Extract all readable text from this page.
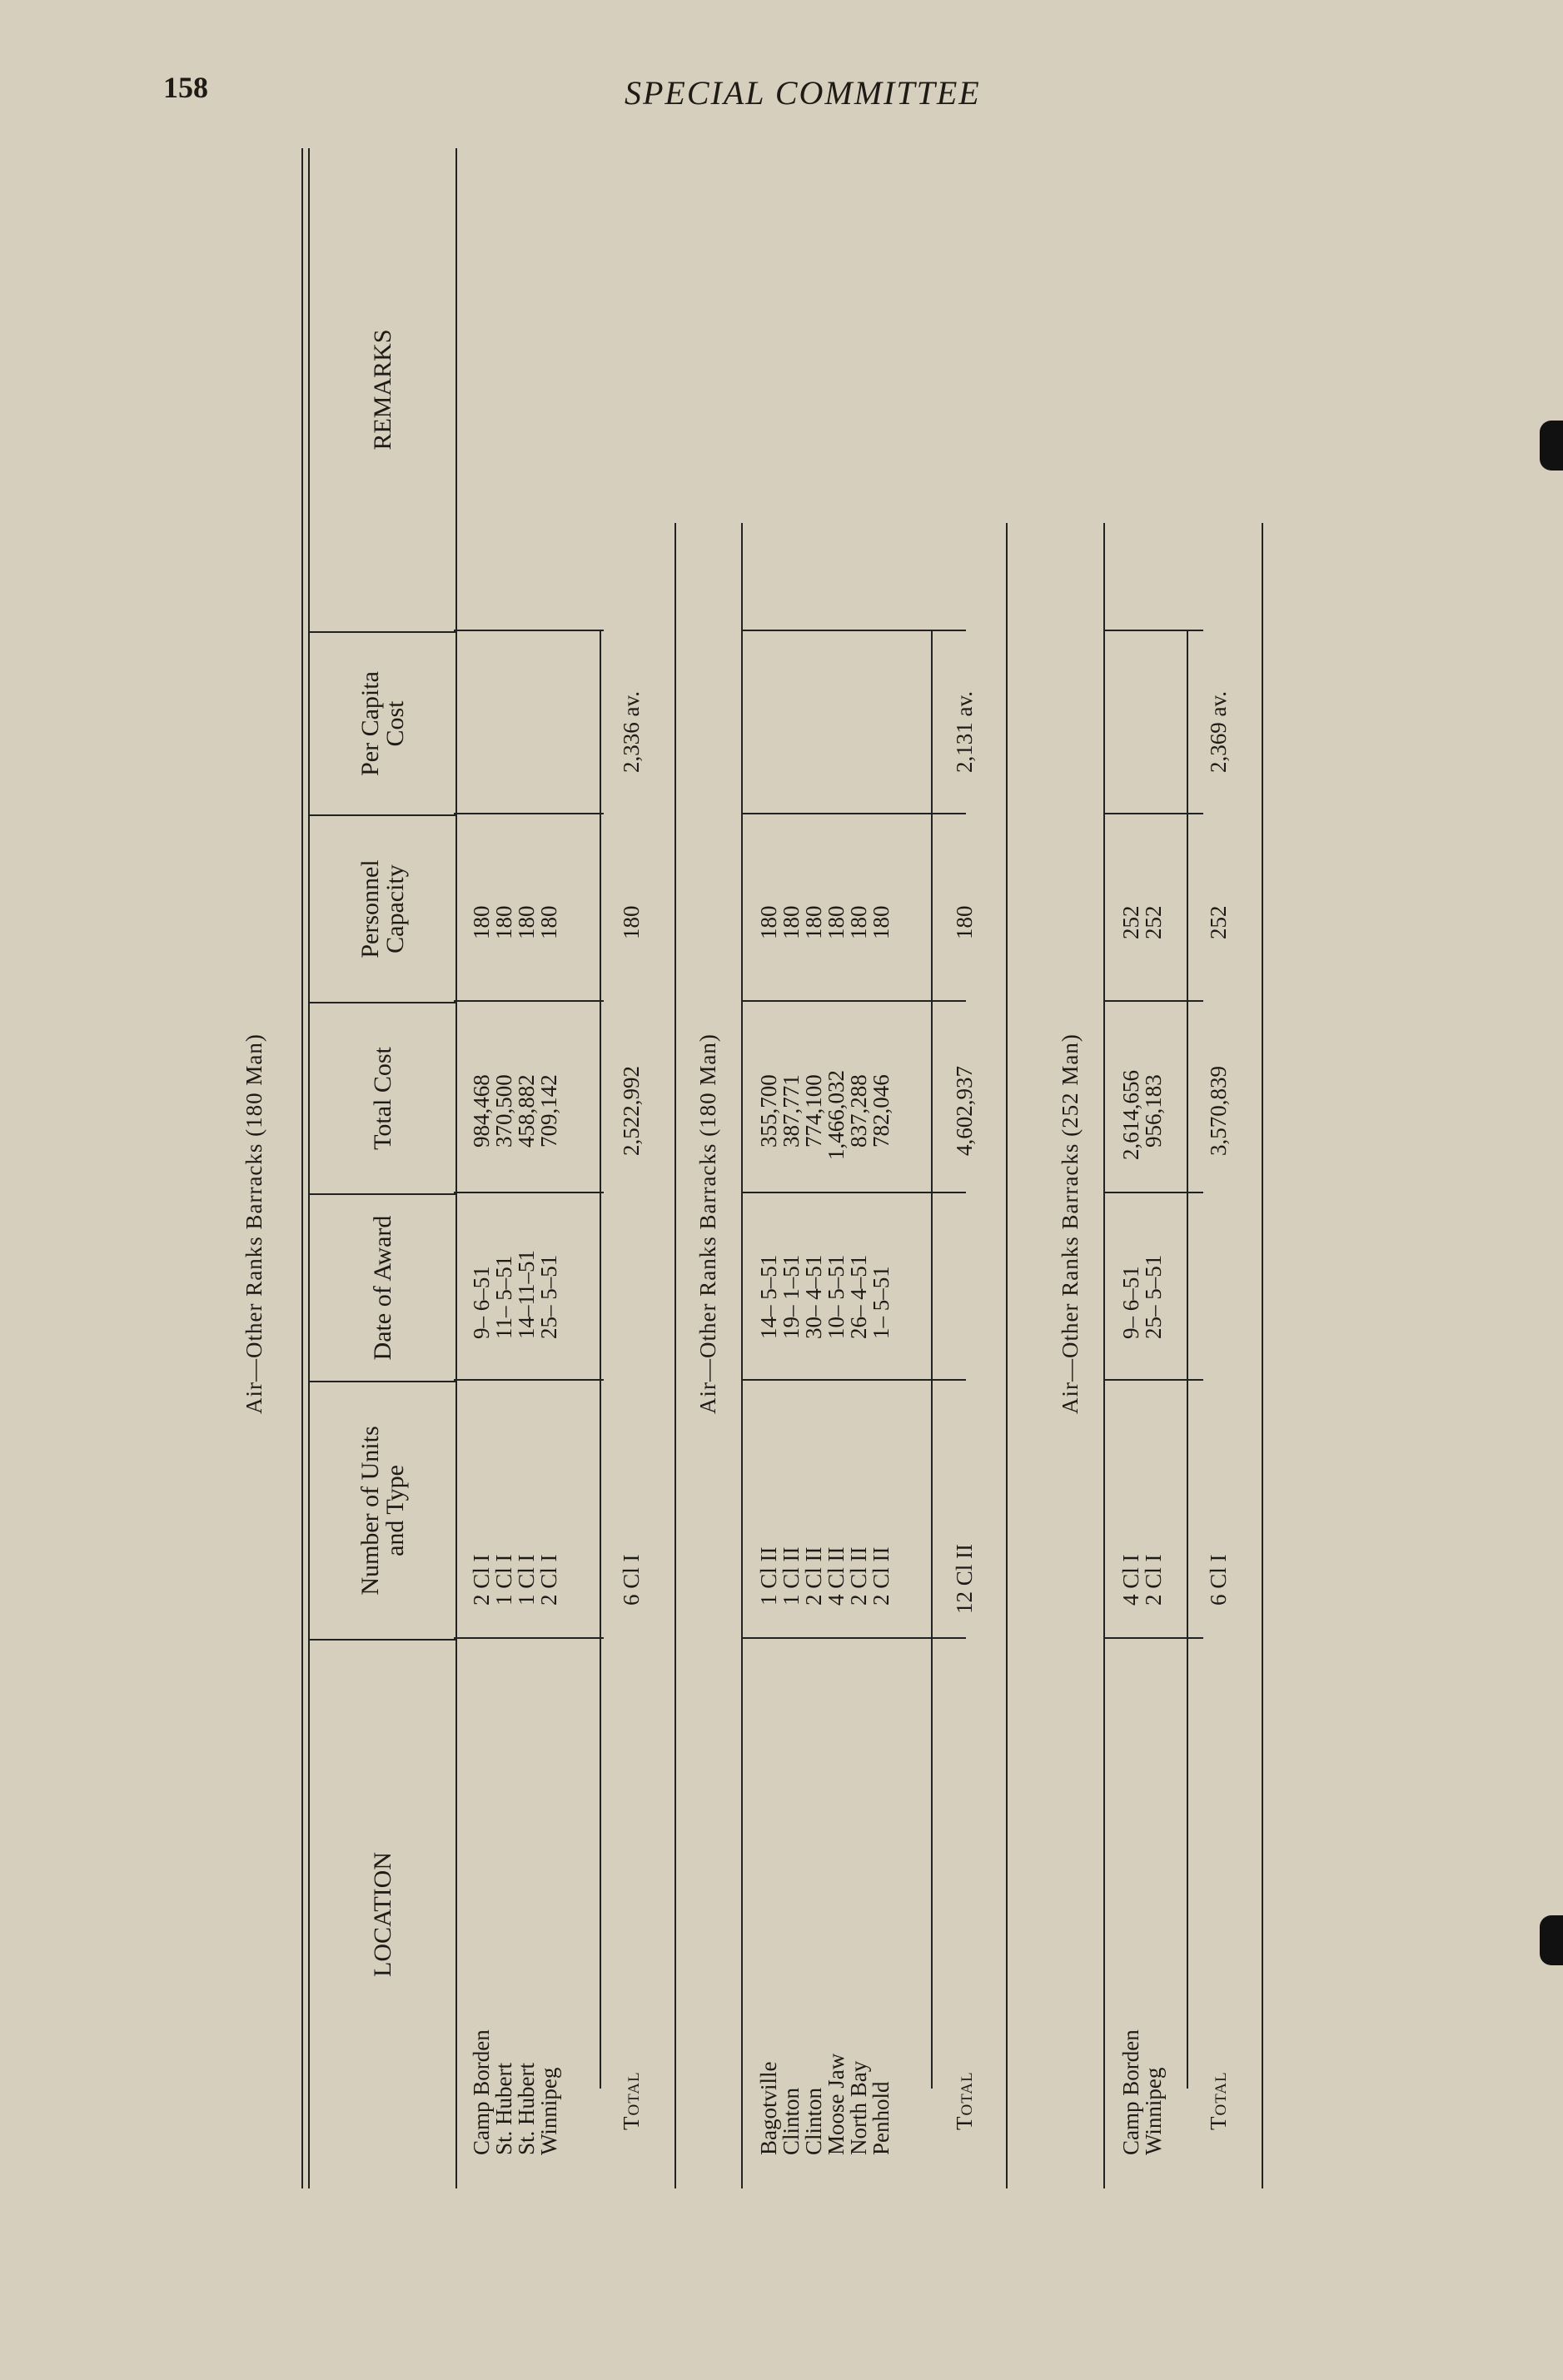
158	SPECIAL COMMITTEE
LOCATION
Number of Units
and Type
Date of Award
Total Cost
Personnel
Capacity
Per Capita
Cost
REMARKS
Air—Other Ranks Barracks (180 Man)
Camp Borden
2 Cl I
9– 6–51
984,468
180
St. Hubert
1 Cl I
11– 5–51
370,500
180
St. Hubert
1 Cl I
14–11–51
458,882
180
Winnipeg
2 Cl I
25– 5–51
709,142
180
Total
6 Cl I
2,522,992
180
2,336 av.
Air—Other Ranks Barracks (180 Man)
Bagotville
1 Cl II
14– 5–51
355,700
180
Clinton
1 Cl II
19– 1–51
387,771
180
Clinton
2 Cl II
30– 4–51
774,100
180
Moose Jaw
4 Cl II
10– 5–51
1,466,032
180
North Bay
2 Cl II
26– 4–51
837,288
180
Penhold
2 Cl II
1– 5–51
782,046
180
Total
12 Cl II
4,602,937
180
2,131 av.
Air—Other Ranks Barracks (252 Man)
Camp Borden
4 Cl I
9– 6–51
2,614,656
252
Winnipeg
2 Cl I
25– 5–51
956,183
252
Total
6 Cl I
3,570,839
252
2,369 av.
